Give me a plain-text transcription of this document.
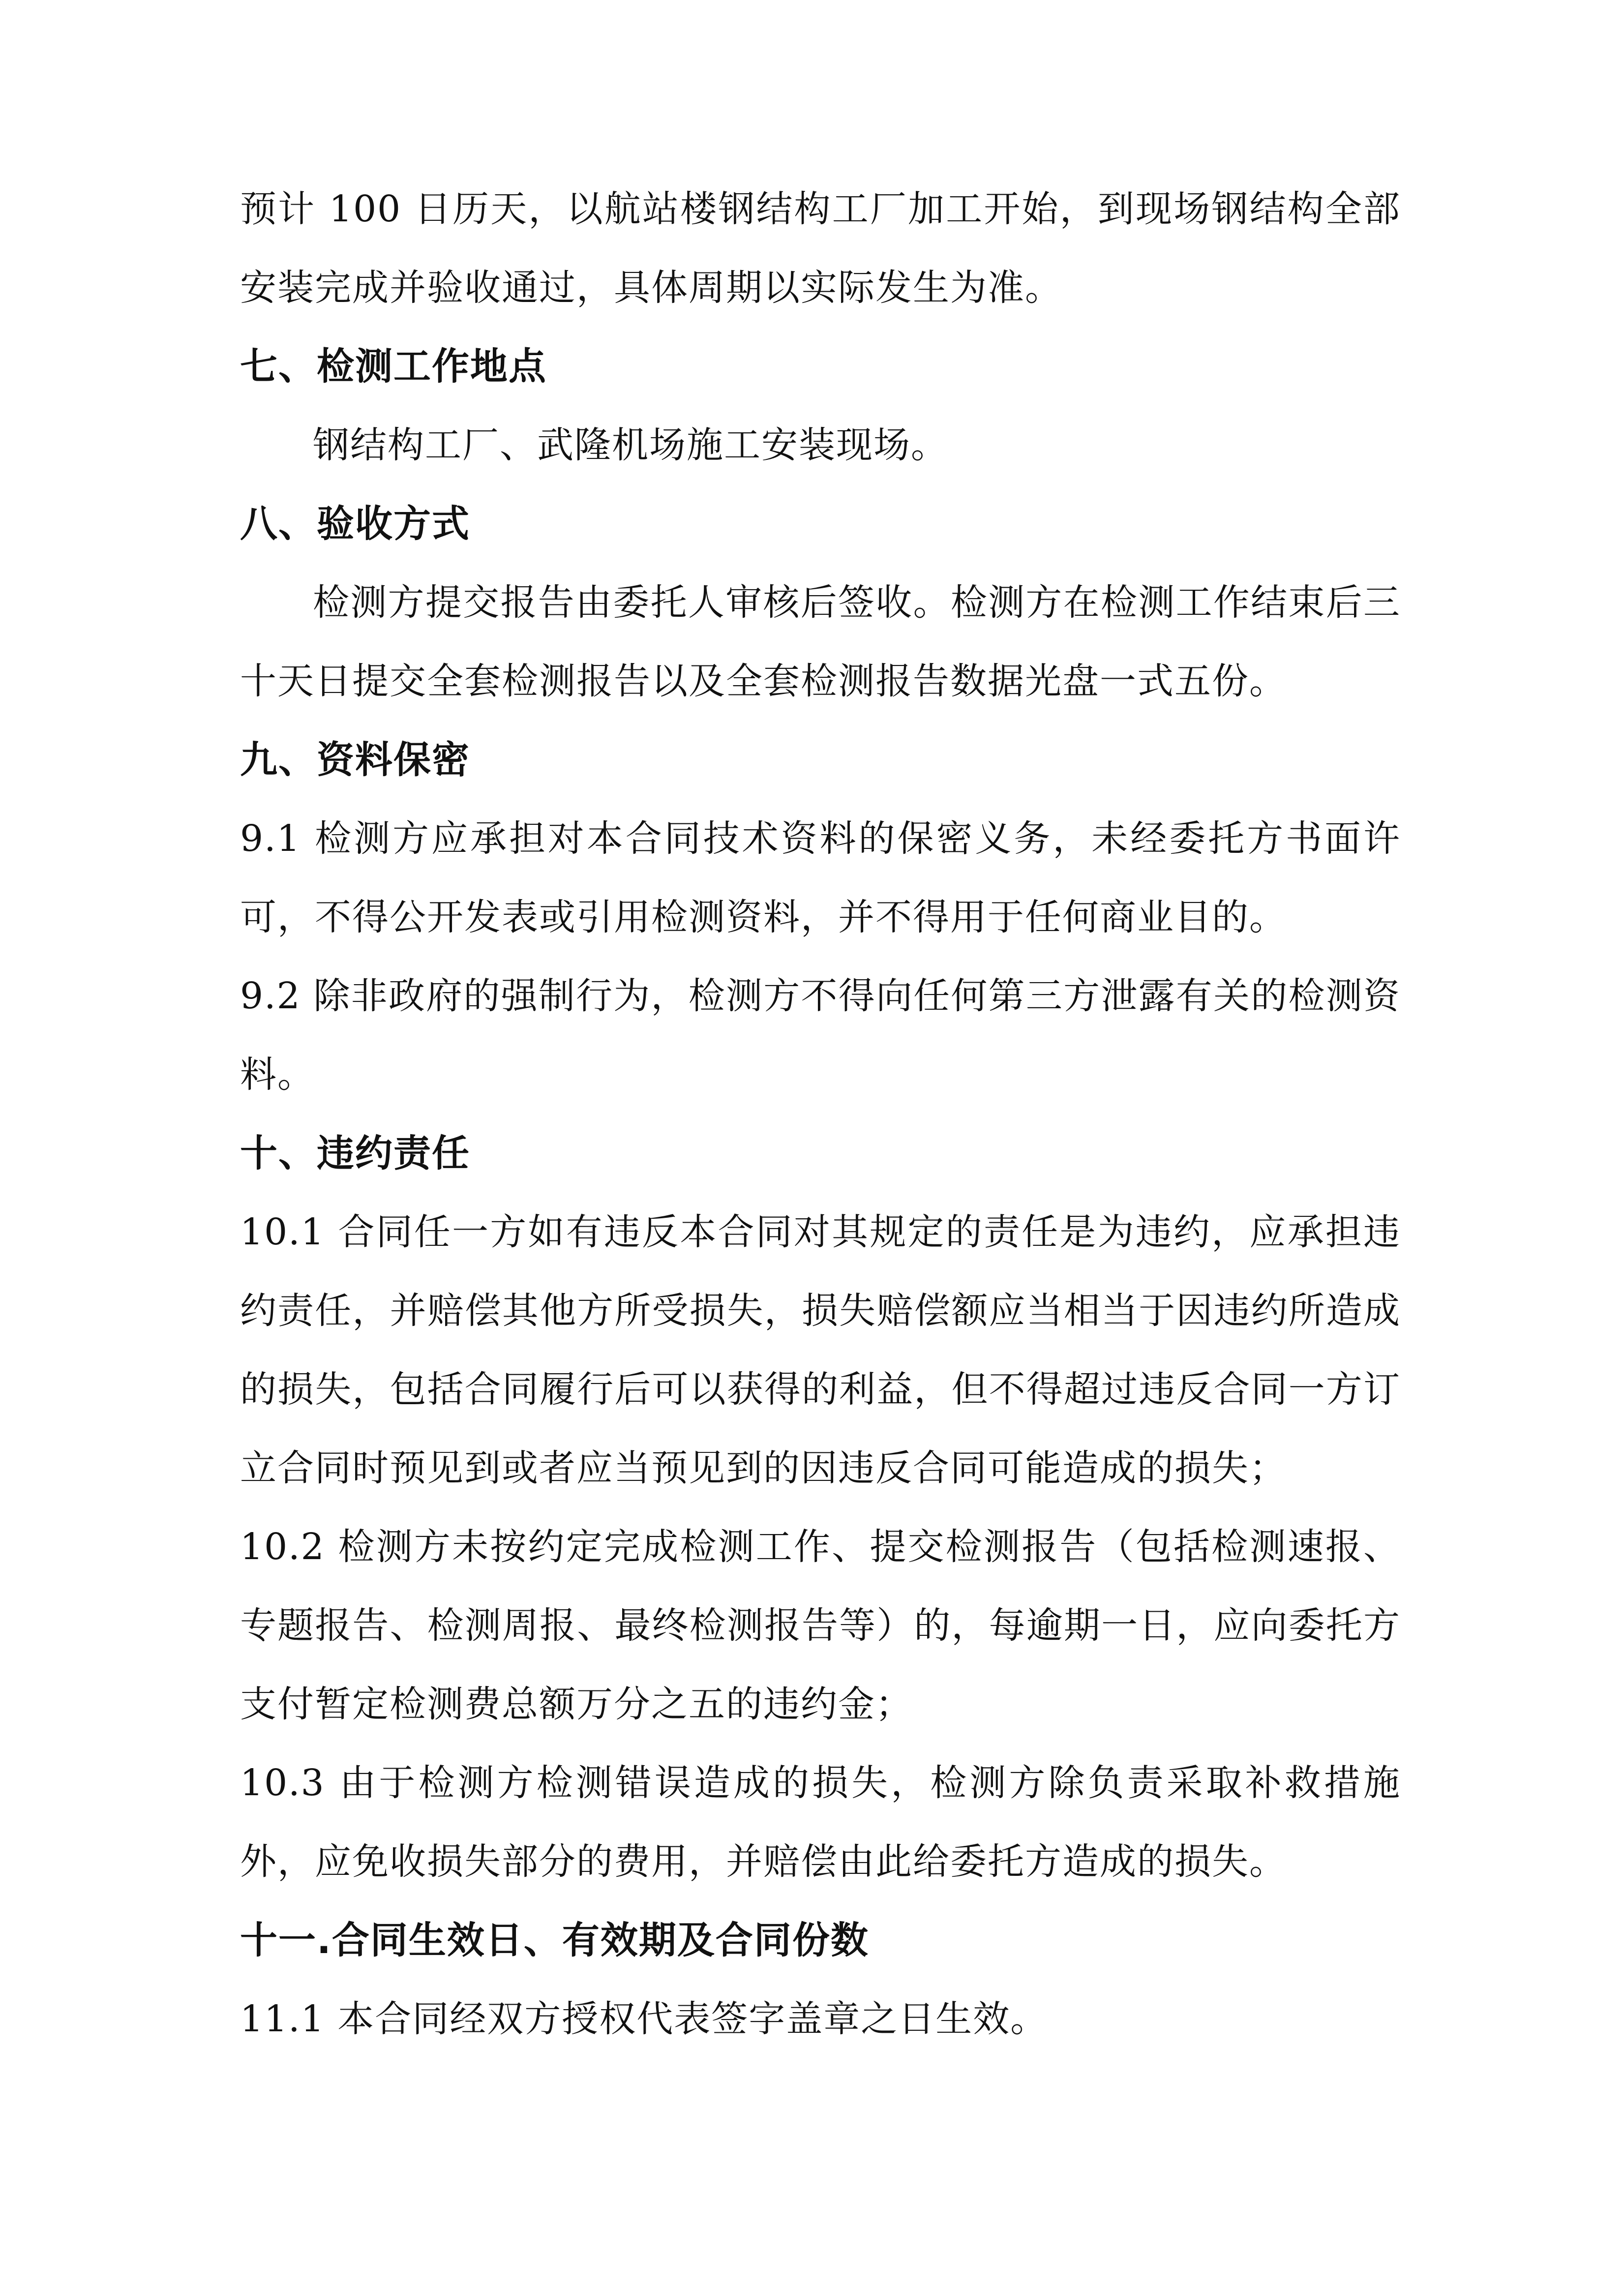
预计 100 日历天，以航站楼钢结构工厂加工开始，到现场钢结构全部安装完成并验收通过，具体周期以实际发生为准。

七、检测工作地点

钢结构工厂、武隆机场施工安装现场。

八、验收方式

检测方提交报告由委托人审核后签收。检测方在检测工作结束后三十天日提交全套检测报告以及全套检测报告数据光盘一式五份。

九、资料保密

9.1 检测方应承担对本合同技术资料的保密义务，未经委托方书面许可，不得公开发表或引用检测资料，并不得用于任何商业目的。

9.2 除非政府的强制行为，检测方不得向任何第三方泄露有关的检测资料。

十、违约责任

10.1 合同任一方如有违反本合同对其规定的责任是为违约，应承担违约责任，并赔偿其他方所受损失，损失赔偿额应当相当于因违约所造成的损失，包括合同履行后可以获得的利益，但不得超过违反合同一方订立合同时预见到或者应当预见到的因违反合同可能造成的损失；

10.2 检测方未按约定完成检测工作、提交检测报告（包括检测速报、专题报告、检测周报、最终检测报告等）的，每逾期一日，应向委托方支付暂定检测费总额万分之五的违约金；

10.3 由于检测方检测错误造成的损失，检测方除负责采取补救措施外，应免收损失部分的费用，并赔偿由此给委托方造成的损失。

十一.合同生效日、有效期及合同份数

11.1 本合同经双方授权代表签字盖章之日生效。
